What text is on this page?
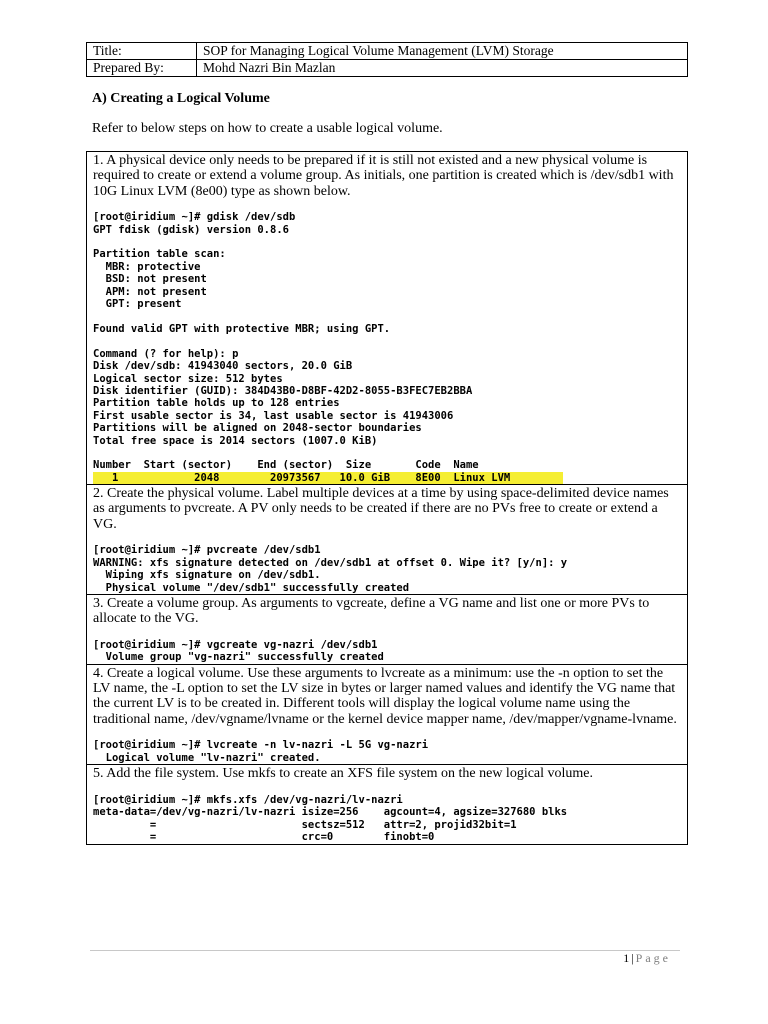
Title:	SOP for Managing Logical Volume Management (LVM) Storage
Prepared By:	Mohd Nazri Bin Mazlan
A) Creating a Logical Volume
Refer to below steps on how to create a usable logical volume.

1. A physical device only needs to be prepared if it is still not existed and a new physical volume is required to create or extend a volume group. As initials, one partition is created which is /dev/sdb1 with 10G Linux LVM (8e00) type as shown below.

[root@iridium ~]# gdisk /dev/sdb
GPT fdisk (gdisk) version 0.8.6
Partition table scan:
MBR: protective
BSD: not present
APM: not present
GPT: present
Found valid GPT with protective MBR; using GPT.
Command (? for help): p
Disk /dev/sdb: 41943040 sectors, 20.0 GiB
Logical sector size: 512 bytes
Disk identifier (GUID): 384D43B0-D8BF-42D2-8055-B3FEC7EB2BBA
Partition table holds up to 128 entries
First usable sector is 34, last usable sector is 41943006
Partitions will be aligned on 2048-sector boundaries
Total free space is 2014 sectors (1007.0 KiB)
Number  Start (sector)    End (sector)  Size       Code  Name
1            2048        20973567   10.0 GiB    8E00  Linux LVM

2. Create the physical volume. Label multiple devices at a time by using space-delimited device names as arguments to pvcreate. A PV only needs to be created if there are no PVs free to create or extend a VG.

[root@iridium ~]# pvcreate /dev/sdb1
WARNING: xfs signature detected on /dev/sdb1 at offset 0. Wipe it? [y/n]: y
Wiping xfs signature on /dev/sdb1.
Physical volume "/dev/sdb1" successfully created

3. Create a volume group. As arguments to vgcreate, define a VG name and list one or more PVs to allocate to the VG.

[root@iridium ~]# vgcreate vg-nazri /dev/sdb1
Volume group "vg-nazri" successfully created

4. Create a logical volume. Use these arguments to lvcreate as a minimum: use the -n option to set the LV name, the -L option to set the LV size in bytes or larger named values and identify the VG name that the current LV is to be created in. Different tools will display the logical volume name using the traditional name, /dev/vgname/lvname or the kernel device mapper name, /dev/mapper/vgname-lvname.

[root@iridium ~]# lvcreate -n lv-nazri -L 5G vg-nazri
Logical volume "lv-nazri" created.

5. Add the file system. Use mkfs to create an XFS file system on the new logical volume.

[root@iridium ~]# mkfs.xfs /dev/vg-nazri/lv-nazri
meta-data=/dev/vg-nazri/lv-nazri isize=256    agcount=4, agsize=327680 blks
=                       sectsz=512   attr=2, projid32bit=1
=                       crc=0        finobt=0
1 | Page
